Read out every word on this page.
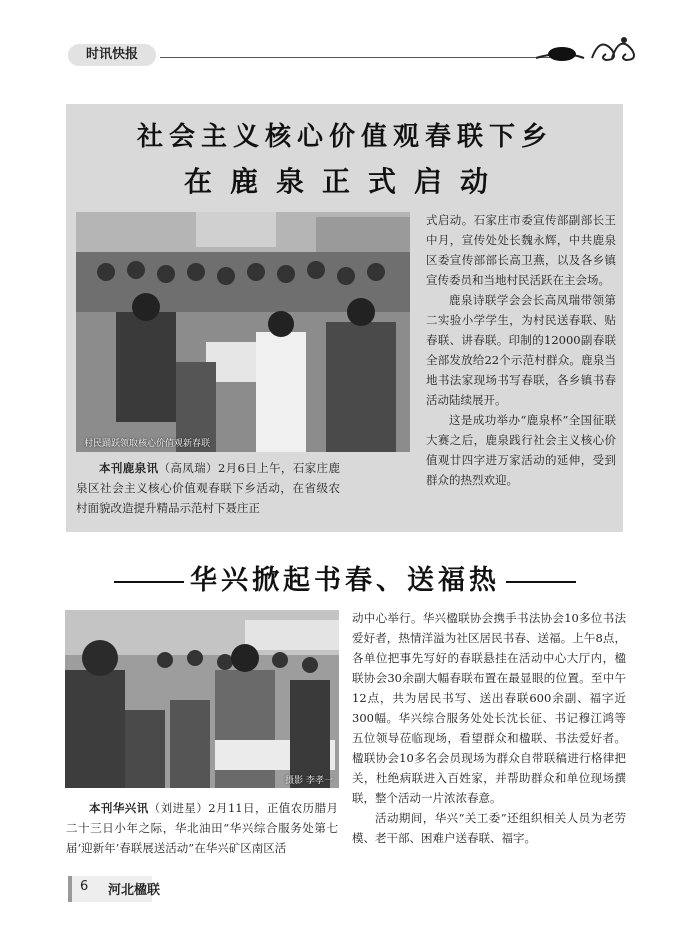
时讯快报
社会主义核心价值观春联下乡
在鹿泉正式启动
村民踊跃领取核心价值观新春联

式启动。石家庄市委宣传部副部长王中月，宣传处处长魏永辉，中共鹿泉区委宣传部部长高卫燕，以及各乡镇宣传委员和当地村民活跃在主会场。

鹿泉诗联学会会长高凤瑞带领第二实验小学学生，为村民送春联、贴春联、讲春联。印制的12000副春联全部发放给22个示范村群众。鹿泉当地书法家现场书写春联，各乡镇书春活动陆续展开。

这是成功举办“鹿泉杯”全国征联大赛之后，鹿泉践行社会主义核心价值观廿四字进万家活动的延伸，受到群众的热烈欢迎。

本刊鹿泉讯（高凤瑞）2月6日上午，石家庄鹿泉区社会主义核心价值观春联下乡活动，在省级农村面貌改造提升精品示范村下聂庄正

华兴掀起书春、送福热
摄影 李孝一

本刊华兴讯（刘进星）2月11日，正值农历腊月二十三日小年之际，华北油田“华兴综合服务处第七届‘迎新年’春联展送活动”在华兴矿区南区活

动中心举行。华兴楹联协会携手书法协会10多位书法爱好者，热情洋溢为社区居民书春、送福。上午8点，各单位把事先写好的春联悬挂在活动中心大厅内，楹联协会30余副大幅春联布置在最显眼的位置。至中午12点，共为居民书写、送出春联600余副、福字近300幅。华兴综合服务处处长沈长征、书记穆江鸿等五位领导莅临现场，看望群众和楹联、书法爱好者。楹联协会10多名会员现场为群众自带联稿进行格律把关，杜绝病联进入百姓家，并帮助群众和单位现场撰联，整个活动一片浓浓春意。

活动期间，华兴“关工委”还组织相关人员为老劳模、老干部、困难户送春联、福字。

6 河北楹联
